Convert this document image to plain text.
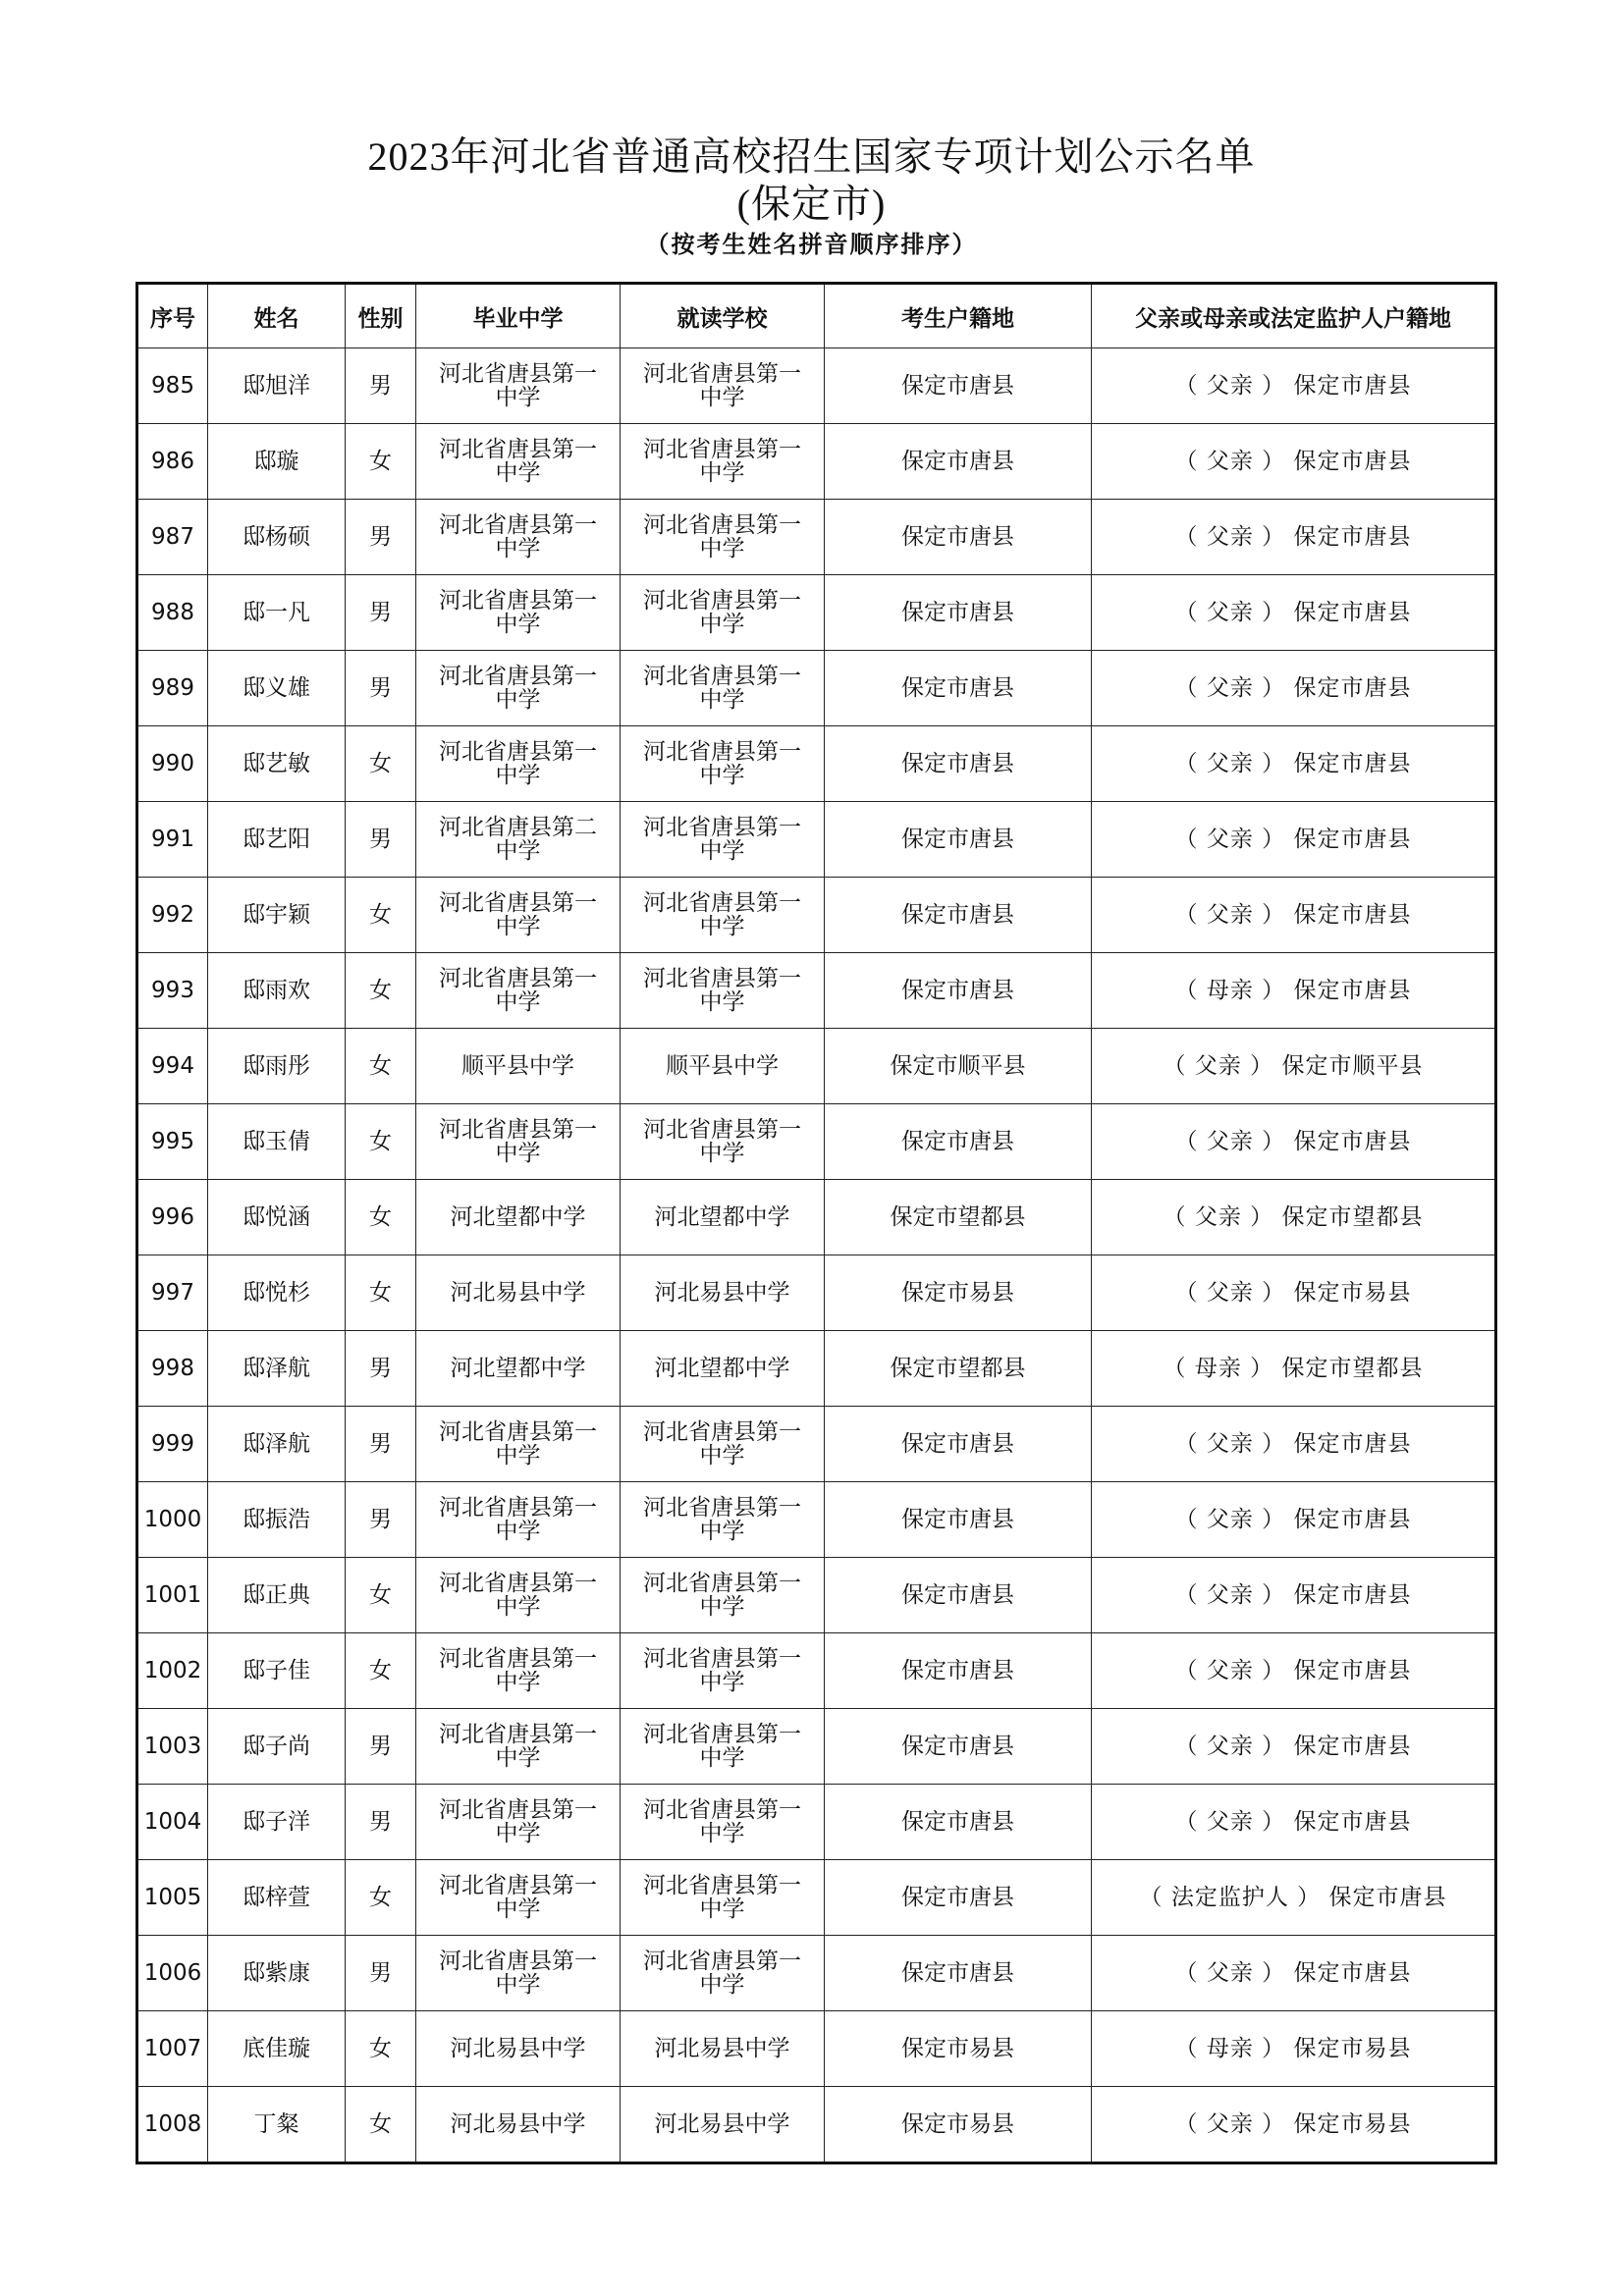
2023年河北省普通高校招生国家专项计划公示名单
(保定市)
（按考生姓名拼音顺序排序）
序号	姓名	性别	毕业中学	就读学校	考生户籍地	父亲或母亲或法定监护人户籍地
985	邸旭洋	男	河北省唐县第一中学	河北省唐县第一中学	保定市唐县	（ 父亲 ） 保定市唐县
986	邸璇	女	河北省唐县第一中学	河北省唐县第一中学	保定市唐县	（ 父亲 ） 保定市唐县
987	邸杨硕	男	河北省唐县第一中学	河北省唐县第一中学	保定市唐县	（ 父亲 ） 保定市唐县
988	邸一凡	男	河北省唐县第一中学	河北省唐县第一中学	保定市唐县	（ 父亲 ） 保定市唐县
989	邸义雄	男	河北省唐县第一中学	河北省唐县第一中学	保定市唐县	（ 父亲 ） 保定市唐县
990	邸艺敏	女	河北省唐县第一中学	河北省唐县第一中学	保定市唐县	（ 父亲 ） 保定市唐县
991	邸艺阳	男	河北省唐县第二中学	河北省唐县第一中学	保定市唐县	（ 父亲 ） 保定市唐县
992	邸宇颖	女	河北省唐县第一中学	河北省唐县第一中学	保定市唐县	（ 父亲 ） 保定市唐县
993	邸雨欢	女	河北省唐县第一中学	河北省唐县第一中学	保定市唐县	（ 母亲 ） 保定市唐县
994	邸雨彤	女	顺平县中学	顺平县中学	保定市顺平县	（ 父亲 ） 保定市顺平县
995	邸玉倩	女	河北省唐县第一中学	河北省唐县第一中学	保定市唐县	（ 父亲 ） 保定市唐县
996	邸悦涵	女	河北望都中学	河北望都中学	保定市望都县	（ 父亲 ） 保定市望都县
997	邸悦杉	女	河北易县中学	河北易县中学	保定市易县	（ 父亲 ） 保定市易县
998	邸泽航	男	河北望都中学	河北望都中学	保定市望都县	（ 母亲 ） 保定市望都县
999	邸泽航	男	河北省唐县第一中学	河北省唐县第一中学	保定市唐县	（ 父亲 ） 保定市唐县
1000	邸振浩	男	河北省唐县第一中学	河北省唐县第一中学	保定市唐县	（ 父亲 ） 保定市唐县
1001	邸正典	女	河北省唐县第一中学	河北省唐县第一中学	保定市唐县	（ 父亲 ） 保定市唐县
1002	邸子佳	女	河北省唐县第一中学	河北省唐县第一中学	保定市唐县	（ 父亲 ） 保定市唐县
1003	邸子尚	男	河北省唐县第一中学	河北省唐县第一中学	保定市唐县	（ 父亲 ） 保定市唐县
1004	邸子洋	男	河北省唐县第一中学	河北省唐县第一中学	保定市唐县	（ 父亲 ） 保定市唐县
1005	邸梓萱	女	河北省唐县第一中学	河北省唐县第一中学	保定市唐县	（ 法定监护人 ） 保定市唐县
1006	邸紫康	男	河北省唐县第一中学	河北省唐县第一中学	保定市唐县	（ 父亲 ） 保定市唐县
1007	底佳璇	女	河北易县中学	河北易县中学	保定市易县	（ 母亲 ） 保定市易县
1008	丁粲	女	河北易县中学	河北易县中学	保定市易县	（ 父亲 ） 保定市易县
